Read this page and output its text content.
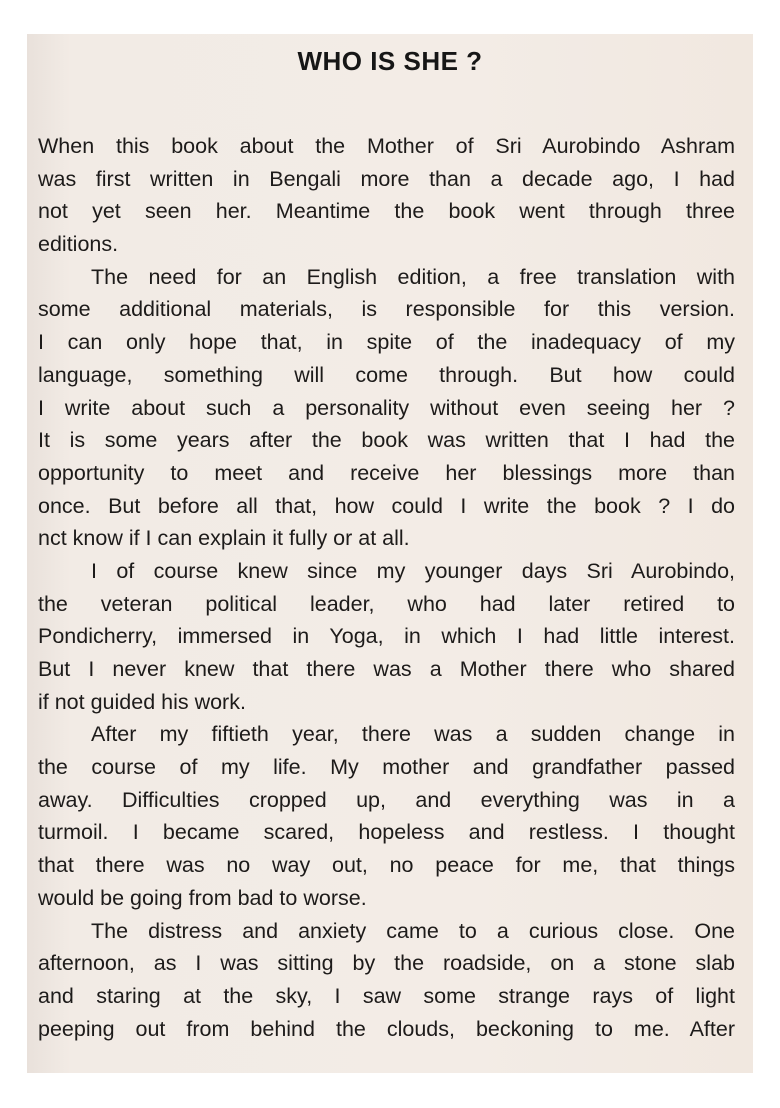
WHO IS SHE ?
When this book about the Mother of Sri Aurobindo Ashram
was first written in Bengali more than a decade ago, I had
not yet seen her. Meantime the book went through three
editions.
The need for an English edition, a free translation with
some additional materials, is responsible for this version.
I can only hope that, in spite of the inadequacy of my
language, something will come through. But how could
I write about such a personality without even seeing her ?
It is some years after the book was written that I had the
opportunity to meet and receive her blessings more than
once. But before all that, how could I write the book ? I do
nct know if I can explain it fully or at all.
I of course knew since my younger days Sri Aurobindo,
the veteran political leader, who had later retired to
Pondicherry, immersed in Yoga, in which I had little interest.
But I never knew that there was a Mother there who shared
if not guided his work.
After my fiftieth year, there was a sudden change in
the course of my life. My mother and grandfather passed
away. Difficulties cropped up, and everything was in a
turmoil. I became scared, hopeless and restless. I thought
that there was no way out, no peace for me, that things
would be going from bad to worse.
The distress and anxiety came to a curious close. One
afternoon, as I was sitting by the roadside, on a stone slab
and staring at the sky, I saw some strange rays of light
peeping out from behind the clouds, beckoning to me. After
